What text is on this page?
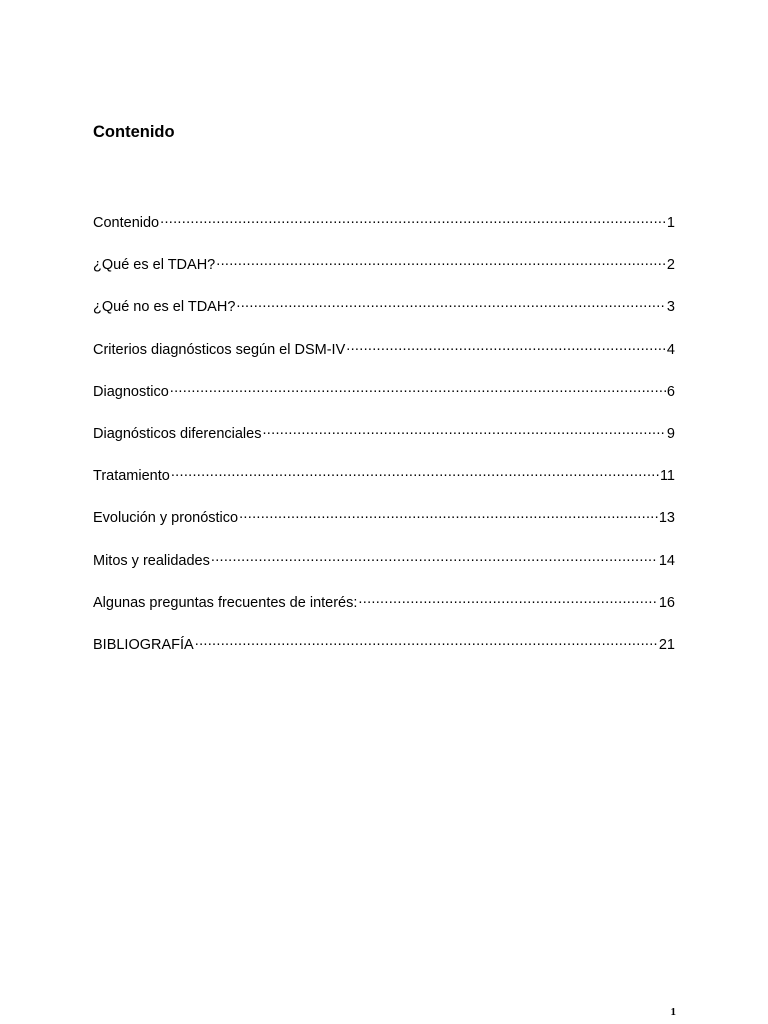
Contenido
Contenido .....	1
¿Qué es el TDAH? .....	2
¿Qué no es el TDAH? .....	3
Criterios diagnósticos según el DSM-IV .....	4
Diagnostico .....	6
Diagnósticos diferenciales .....	9
Tratamiento .....	11
Evolución y pronóstico .....	13
Mitos y realidades .....	14
Algunas preguntas frecuentes de interés: .....	16
BIBLIOGRAFÍA .....	21
1
